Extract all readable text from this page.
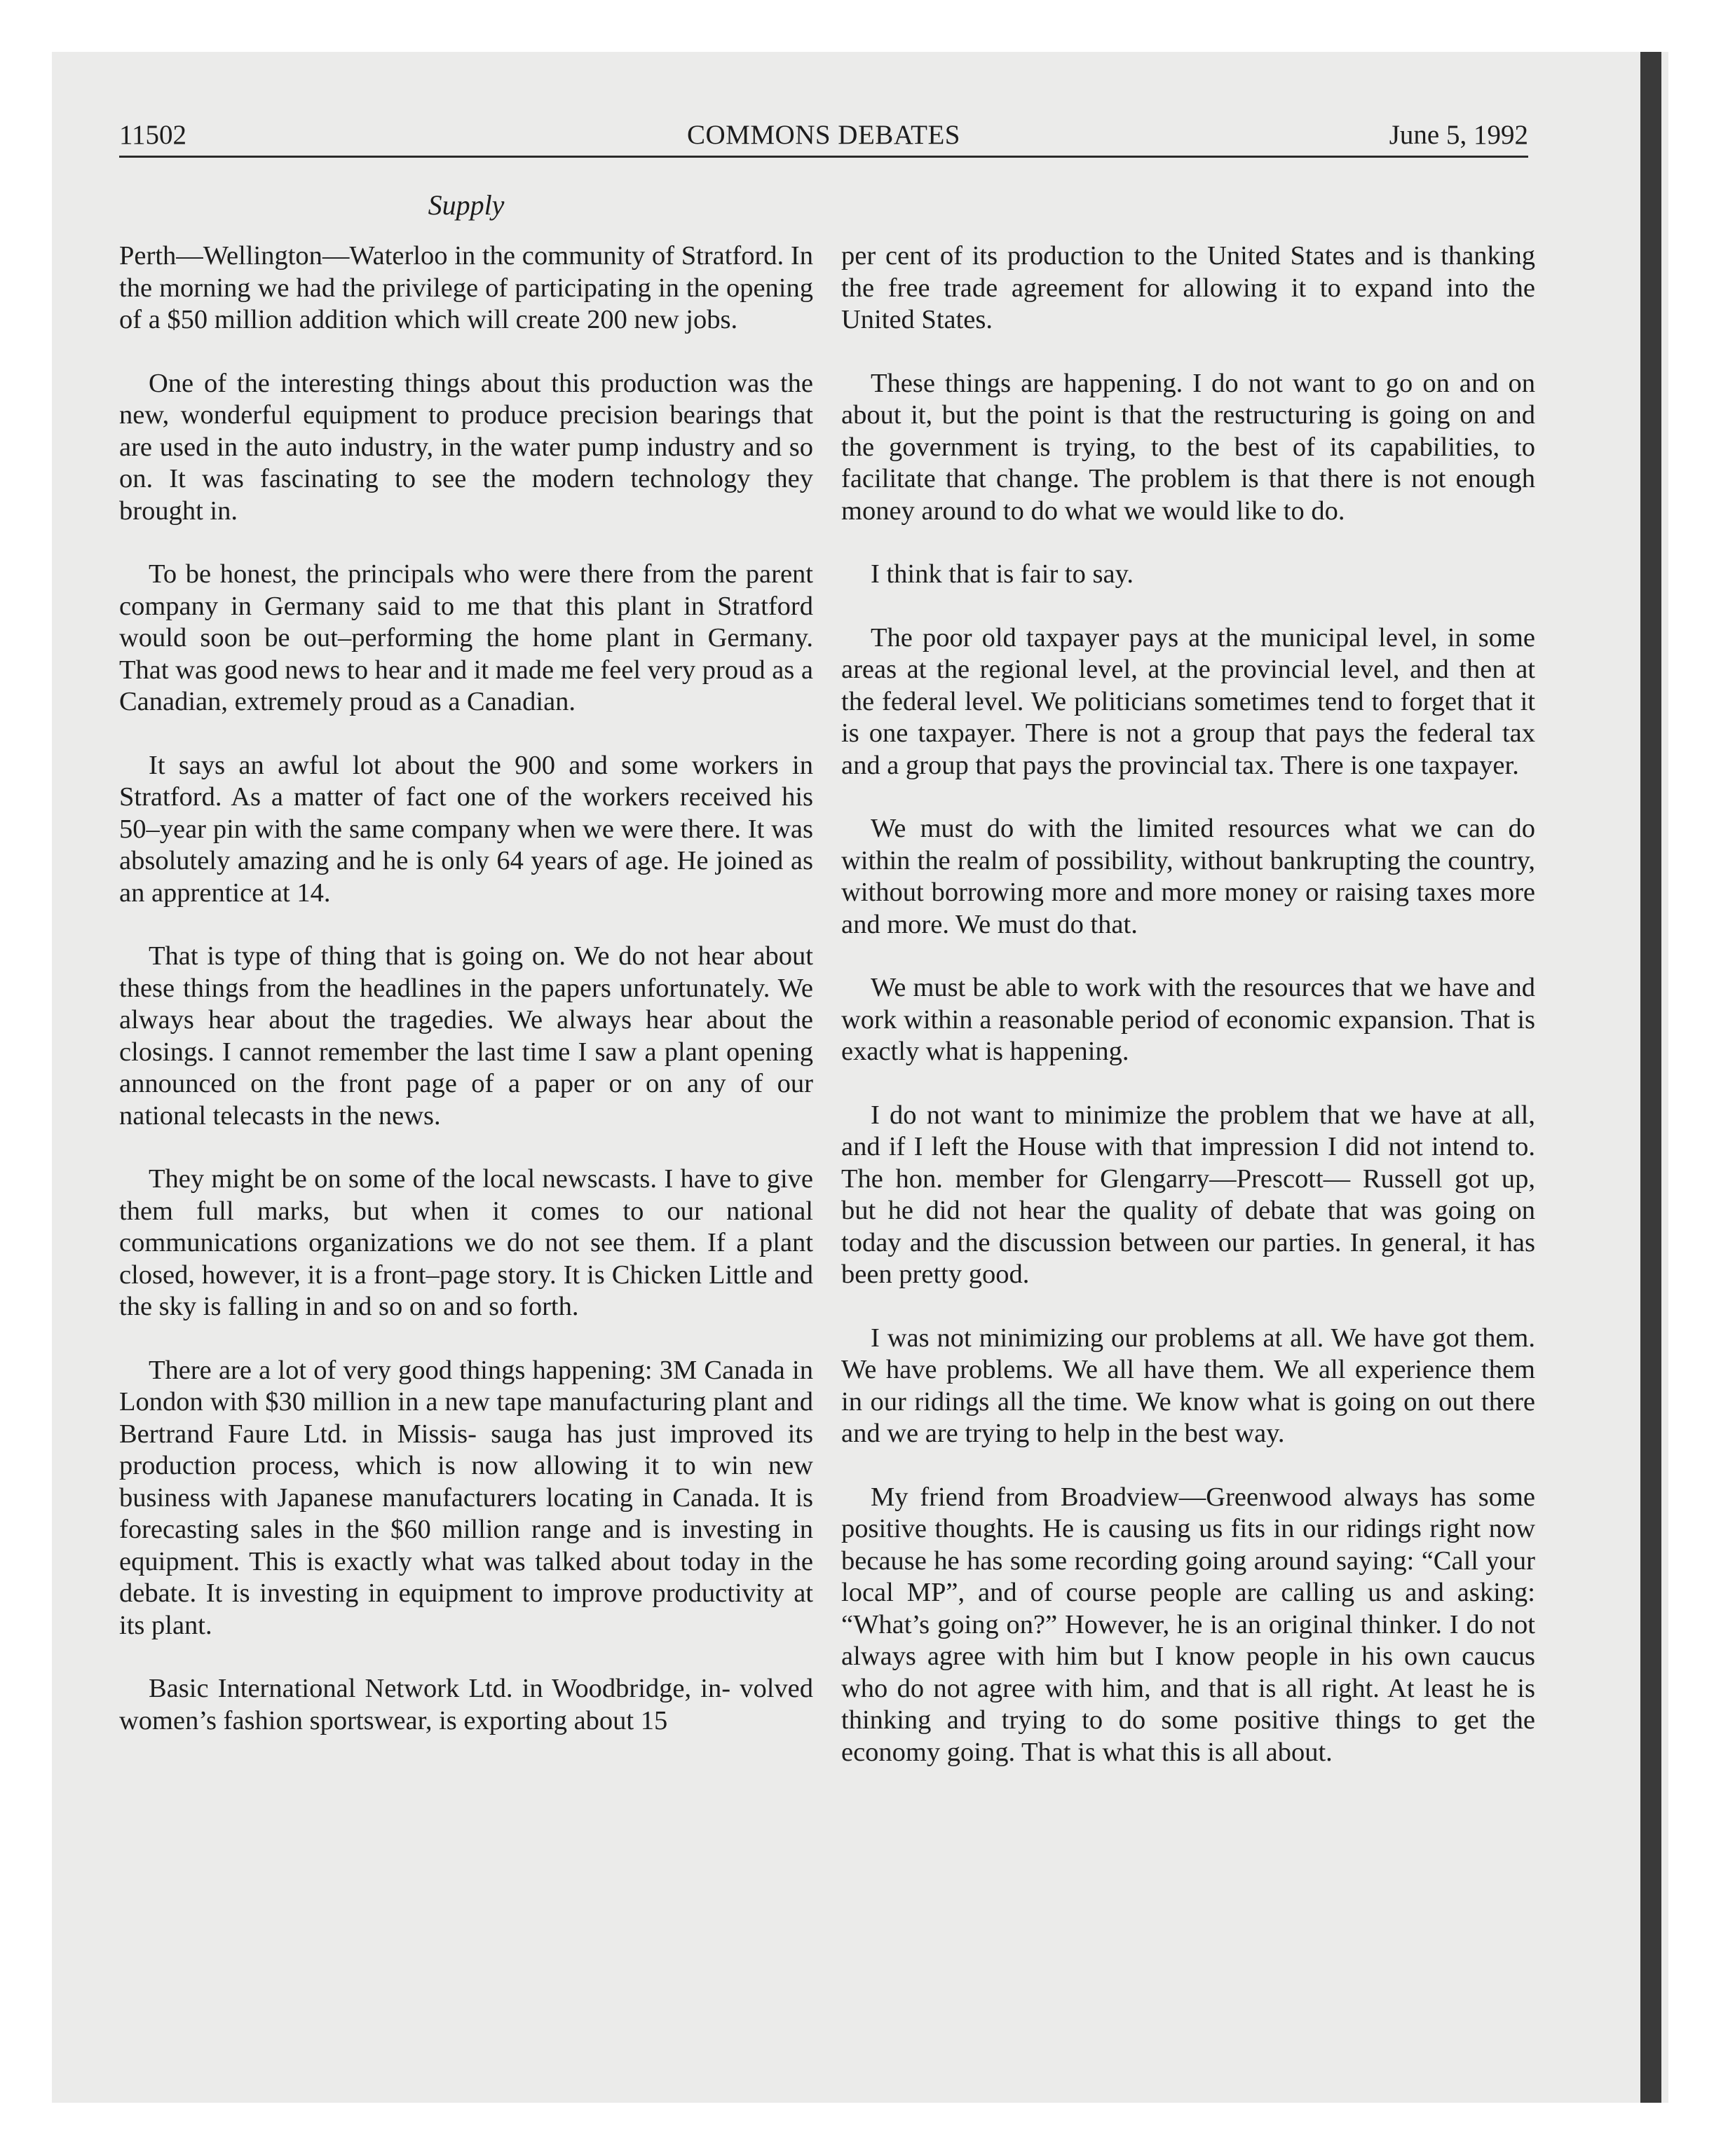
11502	COMMONS DEBATES	June 5, 1992
Supply

Perth—Wellington—Waterloo in the community of Stratford. In the morning we had the privilege of participating in the opening of a $50 million addition which will create 200 new jobs.

One of the interesting things about this production was the new, wonderful equipment to produce precision bearings that are used in the auto industry, in the water pump industry and so on. It was fascinating to see the modern technology they brought in.

To be honest, the principals who were there from the parent company in Germany said to me that this plant in Stratford would soon be out–performing the home plant in Germany. That was good news to hear and it made me feel very proud as a Canadian, extremely proud as a Canadian.

It says an awful lot about the 900 and some workers in Stratford. As a matter of fact one of the workers received his 50–year pin with the same company when we were there. It was absolutely amazing and he is only 64 years of age. He joined as an apprentice at 14.

That is type of thing that is going on. We do not hear about these things from the headlines in the papers unfortunately. We always hear about the tragedies. We always hear about the closings. I cannot remember the last time I saw a plant opening announced on the front page of a paper or on any of our national telecasts in the news.

They might be on some of the local newscasts. I have to give them full marks, but when it comes to our national communications organizations we do not see them. If a plant closed, however, it is a front–page story. It is Chicken Little and the sky is falling in and so on and so forth.

There are a lot of very good things happening: 3M Canada in London with $30 million in a new tape manufacturing plant and Bertrand Faure Ltd. in Missis- sauga has just improved its production process, which is now allowing it to win new business with Japanese manufacturers locating in Canada. It is forecasting sales in the $60 million range and is investing in equipment. This is exactly what was talked about today in the debate. It is investing in equipment to improve productivity at its plant.

Basic International Network Ltd. in Woodbridge, in- volved women’s fashion sportswear, is exporting about 15

per cent of its production to the United States and is thanking the free trade agreement for allowing it to expand into the United States.

These things are happening. I do not want to go on and on about it, but the point is that the restructuring is going on and the government is trying, to the best of its capabilities, to facilitate that change. The problem is that there is not enough money around to do what we would like to do.

I think that is fair to say.

The poor old taxpayer pays at the municipal level, in some areas at the regional level, at the provincial level, and then at the federal level. We politicians sometimes tend to forget that it is one taxpayer. There is not a group that pays the federal tax and a group that pays the provincial tax. There is one taxpayer.

We must do with the limited resources what we can do within the realm of possibility, without bankrupting the country, without borrowing more and more money or raising taxes more and more. We must do that.

We must be able to work with the resources that we have and work within a reasonable period of economic expansion. That is exactly what is happening.

I do not want to minimize the problem that we have at all, and if I left the House with that impression I did not intend to. The hon. member for Glengarry—Prescott— Russell got up, but he did not hear the quality of debate that was going on today and the discussion between our parties. In general, it has been pretty good.

I was not minimizing our problems at all. We have got them. We have problems. We all have them. We all experience them in our ridings all the time. We know what is going on out there and we are trying to help in the best way.

My friend from Broadview—Greenwood always has some positive thoughts. He is causing us fits in our ridings right now because he has some recording going around saying: “Call your local MP”, and of course people are calling us and asking: “What’s going on?” However, he is an original thinker. I do not always agree with him but I know people in his own caucus who do not agree with him, and that is all right. At least he is thinking and trying to do some positive things to get the economy going. That is what this is all about.
